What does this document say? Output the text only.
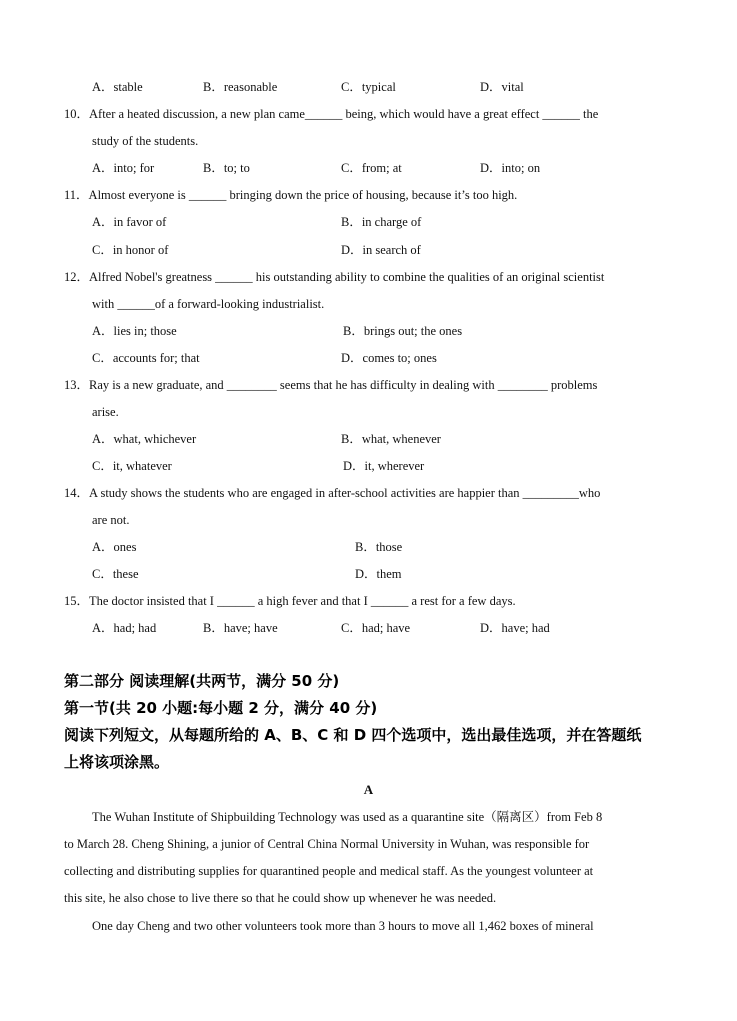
A．stable	B．reasonable	C．typical	D．vital
10．After a heated discussion, a new plan came______ being, which would have a great effect ______ the
study of the students.
A．into; for	B．to; to	C．from; at	D．into; on
11．Almost everyone is ______ bringing down the price of housing, because it’s too high.
A．in favor of	B．in charge of
C．in honor of	D．in search of
12．Alfred Nobel's greatness ______ his outstanding ability to combine the qualities of an original scientist
with ______of a forward-looking industrialist.
A．lies in; those	B．brings out; the ones
C．accounts for; that	D．comes to; ones
13．Ray is a new graduate, and ________ seems that he has difficulty in dealing with ________ problems
arise.
A．what, whichever	B．what, whenever
C．it, whatever	D．it, wherever
14．A study shows the students who are engaged in after-school activities are happier than _________who
are not.
A．ones	B．those
C．these	D．them
15．The doctor insisted that I ______ a high fever and that I ______ a rest for a few days.
A．had; had	B．have; have	C．had; have	D．have; had
第二部分 阅读理解(共两节，满分 50 分)
第一节(共 20 小题:每小题 2 分，满分 40 分)
阅读下列短文，从每题所给的 A、B、C 和 D 四个选项中，选出最佳选项，并在答题纸
上将该项涂黑。
A
The Wuhan Institute of Shipbuilding Technology was used as a quarantine site（隔离区）from Feb 8
to March 28. Cheng Shining, a junior of Central China Normal University in Wuhan, was responsible for
collecting and distributing supplies for quarantined people and medical staff. As the youngest volunteer at
this site, he also chose to live there so that he could show up whenever he was needed.
One day Cheng and two other volunteers took more than 3 hours to move all 1,462 boxes of mineral
